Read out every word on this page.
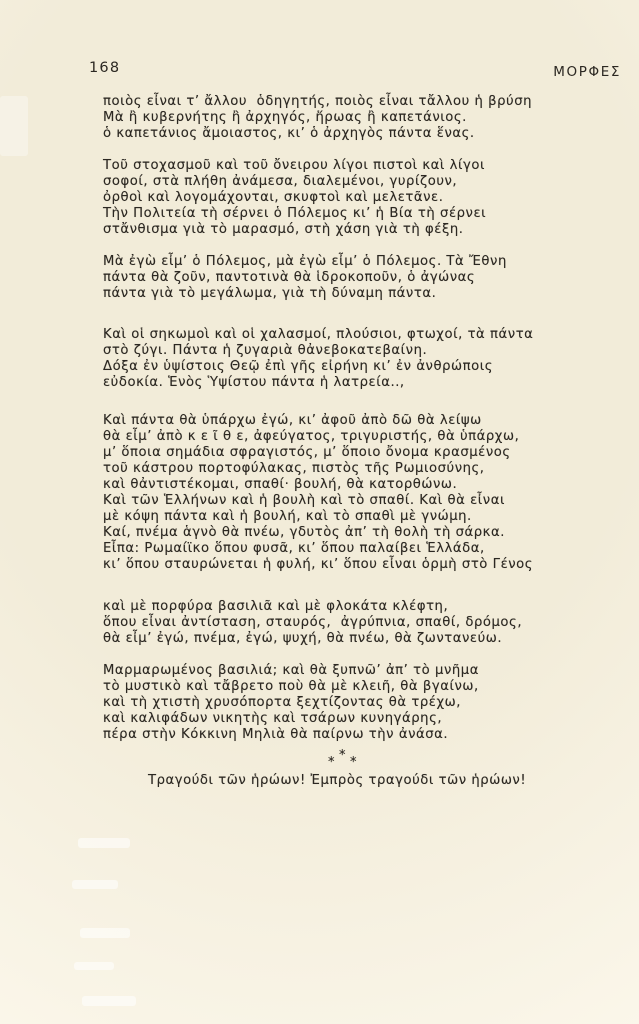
168	ΜΟΡΦΕΣ
ποιὸς εἶναι τ’ ἄλλου  ὁδηγητής, ποιὸς εἶναι τἄλλου ἡ βρύση
Μὰ ἢ κυβερνήτης ἢ ἀρχηγός, ἥρωας ἢ καπετάνιος.
ὁ καπετάνιος ἄμοιαστος, κι’ ὁ ἀρχηγὸς πάντα ἕνας.
Τοῦ στοχασμοῦ καὶ τοῦ ὄνειρου λίγοι πιστοὶ καὶ λίγοι
σοφοί, στὰ πλήθη ἀνάμεσα, διαλεμένοι, γυρίζουν,
ὀρθοὶ καὶ λογομάχονται, σκυφτοὶ καὶ μελετᾶνε.
Τὴν Πολιτεία τὴ σέρνει ὁ Πόλεμος κι’ ἡ Βία τὴ σέρνει
στἄνθισμα γιὰ τὸ μαρασμό, στὴ χάση γιὰ τὴ φέξη.
Μὰ ἐγὼ εἶμ’ ὁ Πόλεμος, μὰ ἐγὼ εἶμ’ ὁ Πόλεμος. Τὰ Ἔθνη
πάντα θὰ ζοῦν, παντοτινὰ θὰ ἱδροκοποῦν, ὁ ἀγώνας
πάντα γιὰ τὸ μεγάλωμα, γιὰ τὴ δύναμη πάντα.
Καὶ οἱ σηκωμοὶ καὶ οἱ χαλασμοί, πλούσιοι, φτωχοί, τὰ πάντα
στὸ ζύγι. Πάντα ἡ ζυγαριὰ θἀνεβοκατεβαίνη.
Δόξα ἐν ὑψίστοις Θεῷ ἐπὶ γῆς εἰρήνη κι’ ἐν ἀνθρώποις
εὐδοκία. Ἑνὸς Ὑψίστου πάντα ἡ λατρεία..,
Καὶ πάντα θὰ ὑπάρχω ἐγώ, κι’ ἀφοῦ ἀπὸ δῶ θὰ λείψω
θὰ εἶμ’ ἀπὸ κ ε ῖ θ ε, ἀφεύγατος, τριγυριστής, θὰ ὑπάρχω,
μ’ ὅποια σημάδια σφραγιστός, μ’ ὅποιο ὄνομα κρασμένος
τοῦ κάστρου πορτοφύλακας, πιστὸς τῆς Ρωμιοσύνης,
καὶ θἀντιστέκομαι, σπαθί· βουλή, θὰ κατορθώνω.
Καὶ τῶν Ἑλλήνων καὶ ἡ βουλὴ καὶ τὸ σπαθί. Καὶ θὰ εἶναι
μὲ κόψη πάντα καὶ ἡ βουλή, καὶ τὸ σπαθὶ μὲ γνώμη.
Καί, πνέμα ἁγνὸ θὰ πνέω, γδυτὸς ἀπ’ τὴ θολὴ τὴ σάρκα.
Εἶπα: Ρωμαίϊκο ὅπου φυσᾶ, κι’ ὅπου παλαίβει Ἑλλάδα,
κι’ ὅπου σταυρώνεται ἡ φυλή, κι’ ὅπου εἶναι ὁρμὴ στὸ Γένος
καὶ μὲ πορφύρα βασιλιᾶ καὶ μὲ φλοκάτα κλέφτη,
ὅπου εἶναι ἀντίσταση, σταυρός,  ἀγρύπνια, σπαθί, δρόμος,
θὰ εἶμ’ ἐγώ, πνέμα, ἐγώ, ψυχή, θὰ πνέω, θὰ ζωντανεύω.
Μαρμαρωμένος βασιλιά; καὶ θὰ ξυπνῶ’ ἀπ’ τὸ μνῆμα
τὸ μυστικὸ καὶ τἄβρετο ποὺ θὰ μὲ κλειῆ, θὰ βγαίνω,
καὶ τὴ χτιστὴ χρυσόπορτα ξεχτίζοντας θὰ τρέχω,
καὶ καλιφάδων νικητὴς καὶ τσάρων κυνηγάρης,
πέρα στὴν Κόκκινη Μηλιὰ θὰ παίρνω τὴν ἀνάσα.
* * *
Τραγούδι τῶν ἡρώων! Ἐμπρὸς τραγούδι τῶν ἡρώων!
